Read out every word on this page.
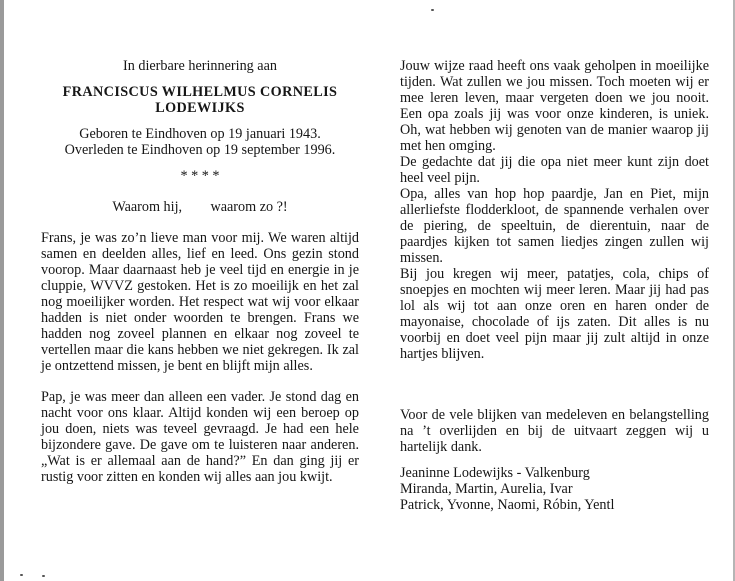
In dierbare herinnering aan

FRANCISCUS WILHELMUS CORNELIS

LODEWIJKS

Geboren te Eindhoven op 19 januari 1943.

Overleden te Eindhoven op 19 september 1996.

* * * *

Waarom hij,        waarom zo ?!

Frans, je was zo’n lieve man voor mij. We waren altijd samen en deelden alles, lief en leed. Ons gezin stond voorop. Maar daarnaast heb je veel tijd en energie in je cluppie, WVVZ gestoken. Het is zo moeilijk en het zal nog moeilijker worden. Het respect wat wij voor elkaar hadden is niet onder woorden te brengen. Frans we hadden nog zoveel plannen en elkaar nog zoveel te vertellen maar die kans hebben we niet gekregen. Ik zal je ontzettend missen, je bent en blijft mijn alles.

Pap, je was meer dan alleen een vader. Je stond dag en nacht voor ons klaar. Altijd konden wij een beroep op jou doen, niets was teveel gevraagd. Je had een hele bijzondere gave. De gave om te luisteren naar anderen. „Wat is er allemaal aan de hand?” En dan ging jij er rustig voor zitten en konden wij alles aan jou kwijt.

Jouw wijze raad heeft ons vaak geholpen in moeilijke tijden. Wat zullen we jou missen. Toch moeten wij er mee leren leven, maar vergeten doen we jou nooit. Een opa zoals jij was voor onze kinderen, is uniek. Oh, wat hebben wij genoten van de manier waarop jij met hen omging.

De gedachte dat jij die opa niet meer kunt zijn doet heel veel pijn.

Opa, alles van hop hop paardje, Jan en Piet, mijn allerliefste flodderkloot, de spannende verhalen over de piering, de speeltuin, de dierentuin, naar de paardjes kijken tot samen liedjes zingen zullen wij missen.

Bij jou kregen wij meer, patatjes, cola, chips of snoepjes en mochten wij meer leren. Maar jij had pas lol als wij tot aan onze oren en haren onder de mayonaise, chocolade of ijs zaten. Dit alles is nu voorbij en doet veel pijn maar jij zult altijd in onze hartjes blijven.

Voor de vele blijken van medeleven en belangstelling na ’t overlijden en bij de uitvaart zeggen wij u hartelijk dank.

Jeaninne Lodewijks - Valkenburg

Miranda, Martin, Aurelia, Ivar

Patrick, Yvonne, Naomi, Róbin, Yentl
